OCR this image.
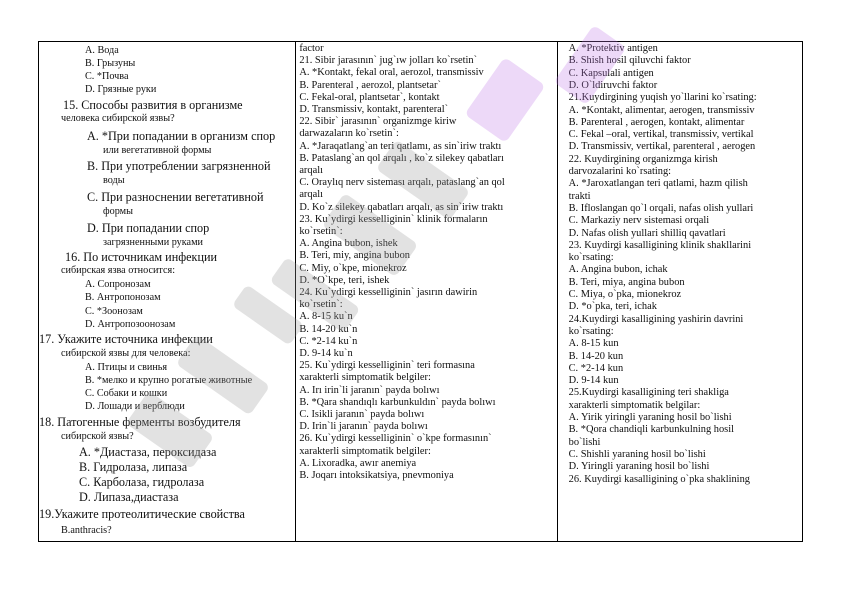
A. Вода
B. Грызуны
C. *Почва
D. Грязные руки
15. Способы развития в организме
человека сибирской язвы?
A. *При попадании в организм спор
или вегетативной формы
B. При употреблении загрязненной
воды
C. При разноснении вегетативной
формы
D. При попадании спор
загрязненными руками
16. По источникам инфекции
сибирская язва относится:
A. Сопронозам
B. Антропонозам
C. *Зоонозам
D. Антропозоонозам
17. Укажите источника инфекции
сибирской язвы для человека:
A. Птицы и свинья
B. *мелко и крупно рогатые животные
C. Собаки и кошки
D. Лошади и верблюди
18. Патогенные ферменты возбудителя
сибирской язвы?
A. *Диастаза, пероксидаза
B. Гидролаза, липаза
C. Карболаза, гидролаза
D. Липаза,диастаза
19.Укажите протеолитические свойства
B.anthracis?
factor
21. Sibir jarasının` jug`ıw jolları ko`rsetin`
A. *Kontakt, fekal oral, aerozol, transmissiv
B. Parenteral , aerozol, plantsetar`
C. Fekal-oral, plantsetar`, kontakt
D. Transmissiv, kontakt, parenteral`
22. Sibir` jarasının` organizmge kiriw
darwazaların ko`rsetin`:
A. *Jaraqatlang`an teri qatlamı, as sin`iriw traktı
B. Pataslang`an qol arqalı , ko`z silekey qabatları
arqalı
C. Oraylıq nerv sisteması arqalı, pataslang`an qol
arqalı
D. Ko`z silekey qabatları arqalı, as sin`iriw traktı
23. Ku`ydirgi kesselliginin` klinik formaların
ko`rsetin`:
A. Angina bubon, ishek
B. Teri, miy, angina bubon
C. Miy, o`kpe, mionekroz
D. *O`kpe, teri, ishek
24. Ku`ydirgi kesselliginin` jasırın dawirin
ko`rsetin`:
A. 8-15 ku`n
B. 14-20 ku`n
C. *2-14 ku`n
D. 9-14 ku`n
25. Ku`ydirgi kesselliginin` teri formasına
xarakterli simptomatik belgiler:
A. Irı irin`li jaranın` payda bolıwı
B. *Qara shandıqlı karbunkuldın` payda bolıwı
C. Isikli jaranın` payda bolıwı
D. Irin`li jaranın` payda bolıwı
26. Ku`ydirgi kesselliginin` o`kpe formasının`
xarakterli simptomatik belgiler:
A. Lixoradka, awır anemiya
B. Joqarı intoksikatsiya, pnevmoniya
A. *Protektiv antigen
B. Shish hosil qiluvchi faktor
C. Kapsulali antigen
D. O`ldiruvchi faktor
21.Kuydirgining yuqish yo`llarini ko`rsating:
A. *Kontakt, alimentar, aerogen, transmissiv
B. Parenteral , aerogen, kontakt, alimentar
C. Fekal –oral, vertikal, transmissiv, vertikal
D. Transmissiv, vertikal, parenteral , aerogen
22. Kuydirgining organizmga kirish
darvozalarini ko`rsating:
A. *Jaroxatlangan teri qatlami, hazm qilish
trakti
B. Ifloslangan qo`l orqali, nafas olish yullari
C. Markaziy nerv sistemasi orqali
D. Nafas olish yullari shilliq qavatlari
23. Kuydirgi kasalligining klinik shakllarini
ko`rsating:
A. Angina bubon, ichak
B. Teri, miya, angina bubon
C. Miya, o`pka, mionekroz
D. *o`pka, teri, ichak
24.Kuydirgi kasalligining yashirin davrini
ko`rsating:
A. 8-15 kun
B. 14-20 kun
C. *2-14 kun
D. 9-14 kun
25.Kuydirgi kasalligining teri shakliga
xarakterli simptomatik belgilar:
A. Yirik yiringli yaraning hosil bo`lishi
B. *Qora chandiqli karbunkulning hosil
bo`lishi
C. Shishli yaraning hosil bo`lishi
D. Yiringli yaraning hosil bo`lishi
26. Kuydirgi kasalligining o`pka shaklining
